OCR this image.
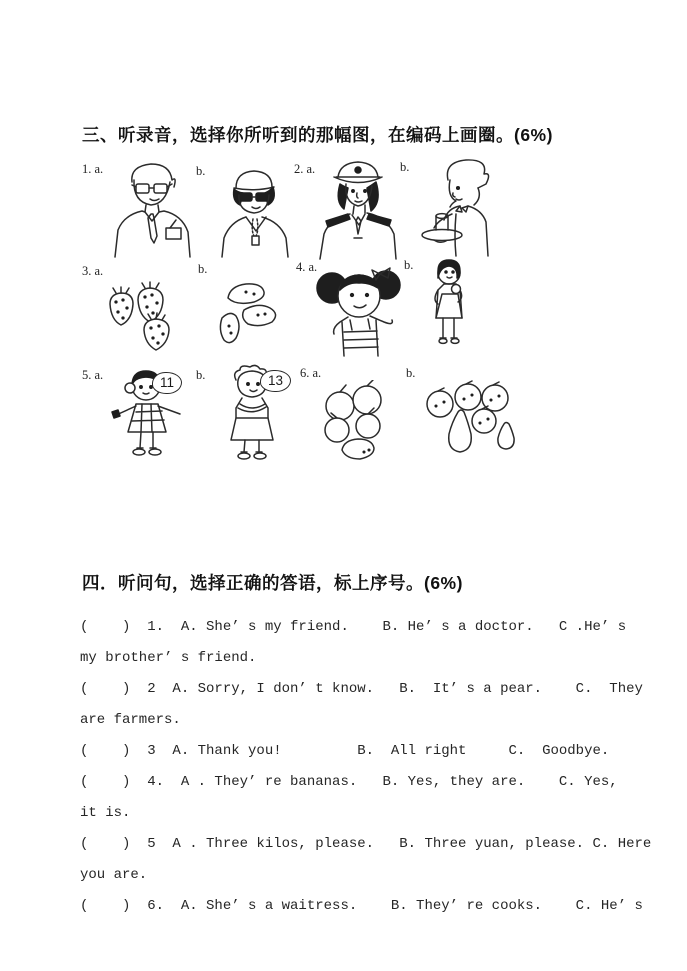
三、听录音，选择你所听到的那幅图，在编码上画圈。(6%)
1. a.	b.	2. a.	b.
3. a.	b.	4. a.	b.
5. a.	11	b.	13	6. a.	b.
四．听问句，选择正确的答语，标上序号。(6%)
(    )  1.  A. She’ s my friend.    B. He’ s a doctor.   C .He’ s
my brother’ s friend.
(    )  2  A. Sorry, I don’ t know.   B.  It’ s a pear.    C.  They
are farmers.
(    )  3  A. Thank you!         B.  All right     C.  Goodbye.
(    )  4.  A . They’ re bananas.   B. Yes, they are.    C. Yes,
it is.
(    )  5  A . Three kilos, please.   B. Three yuan, please. C. Here
you are.
(    )  6.  A. She’ s a waitress.    B. They’ re cooks.    C. He’ s
